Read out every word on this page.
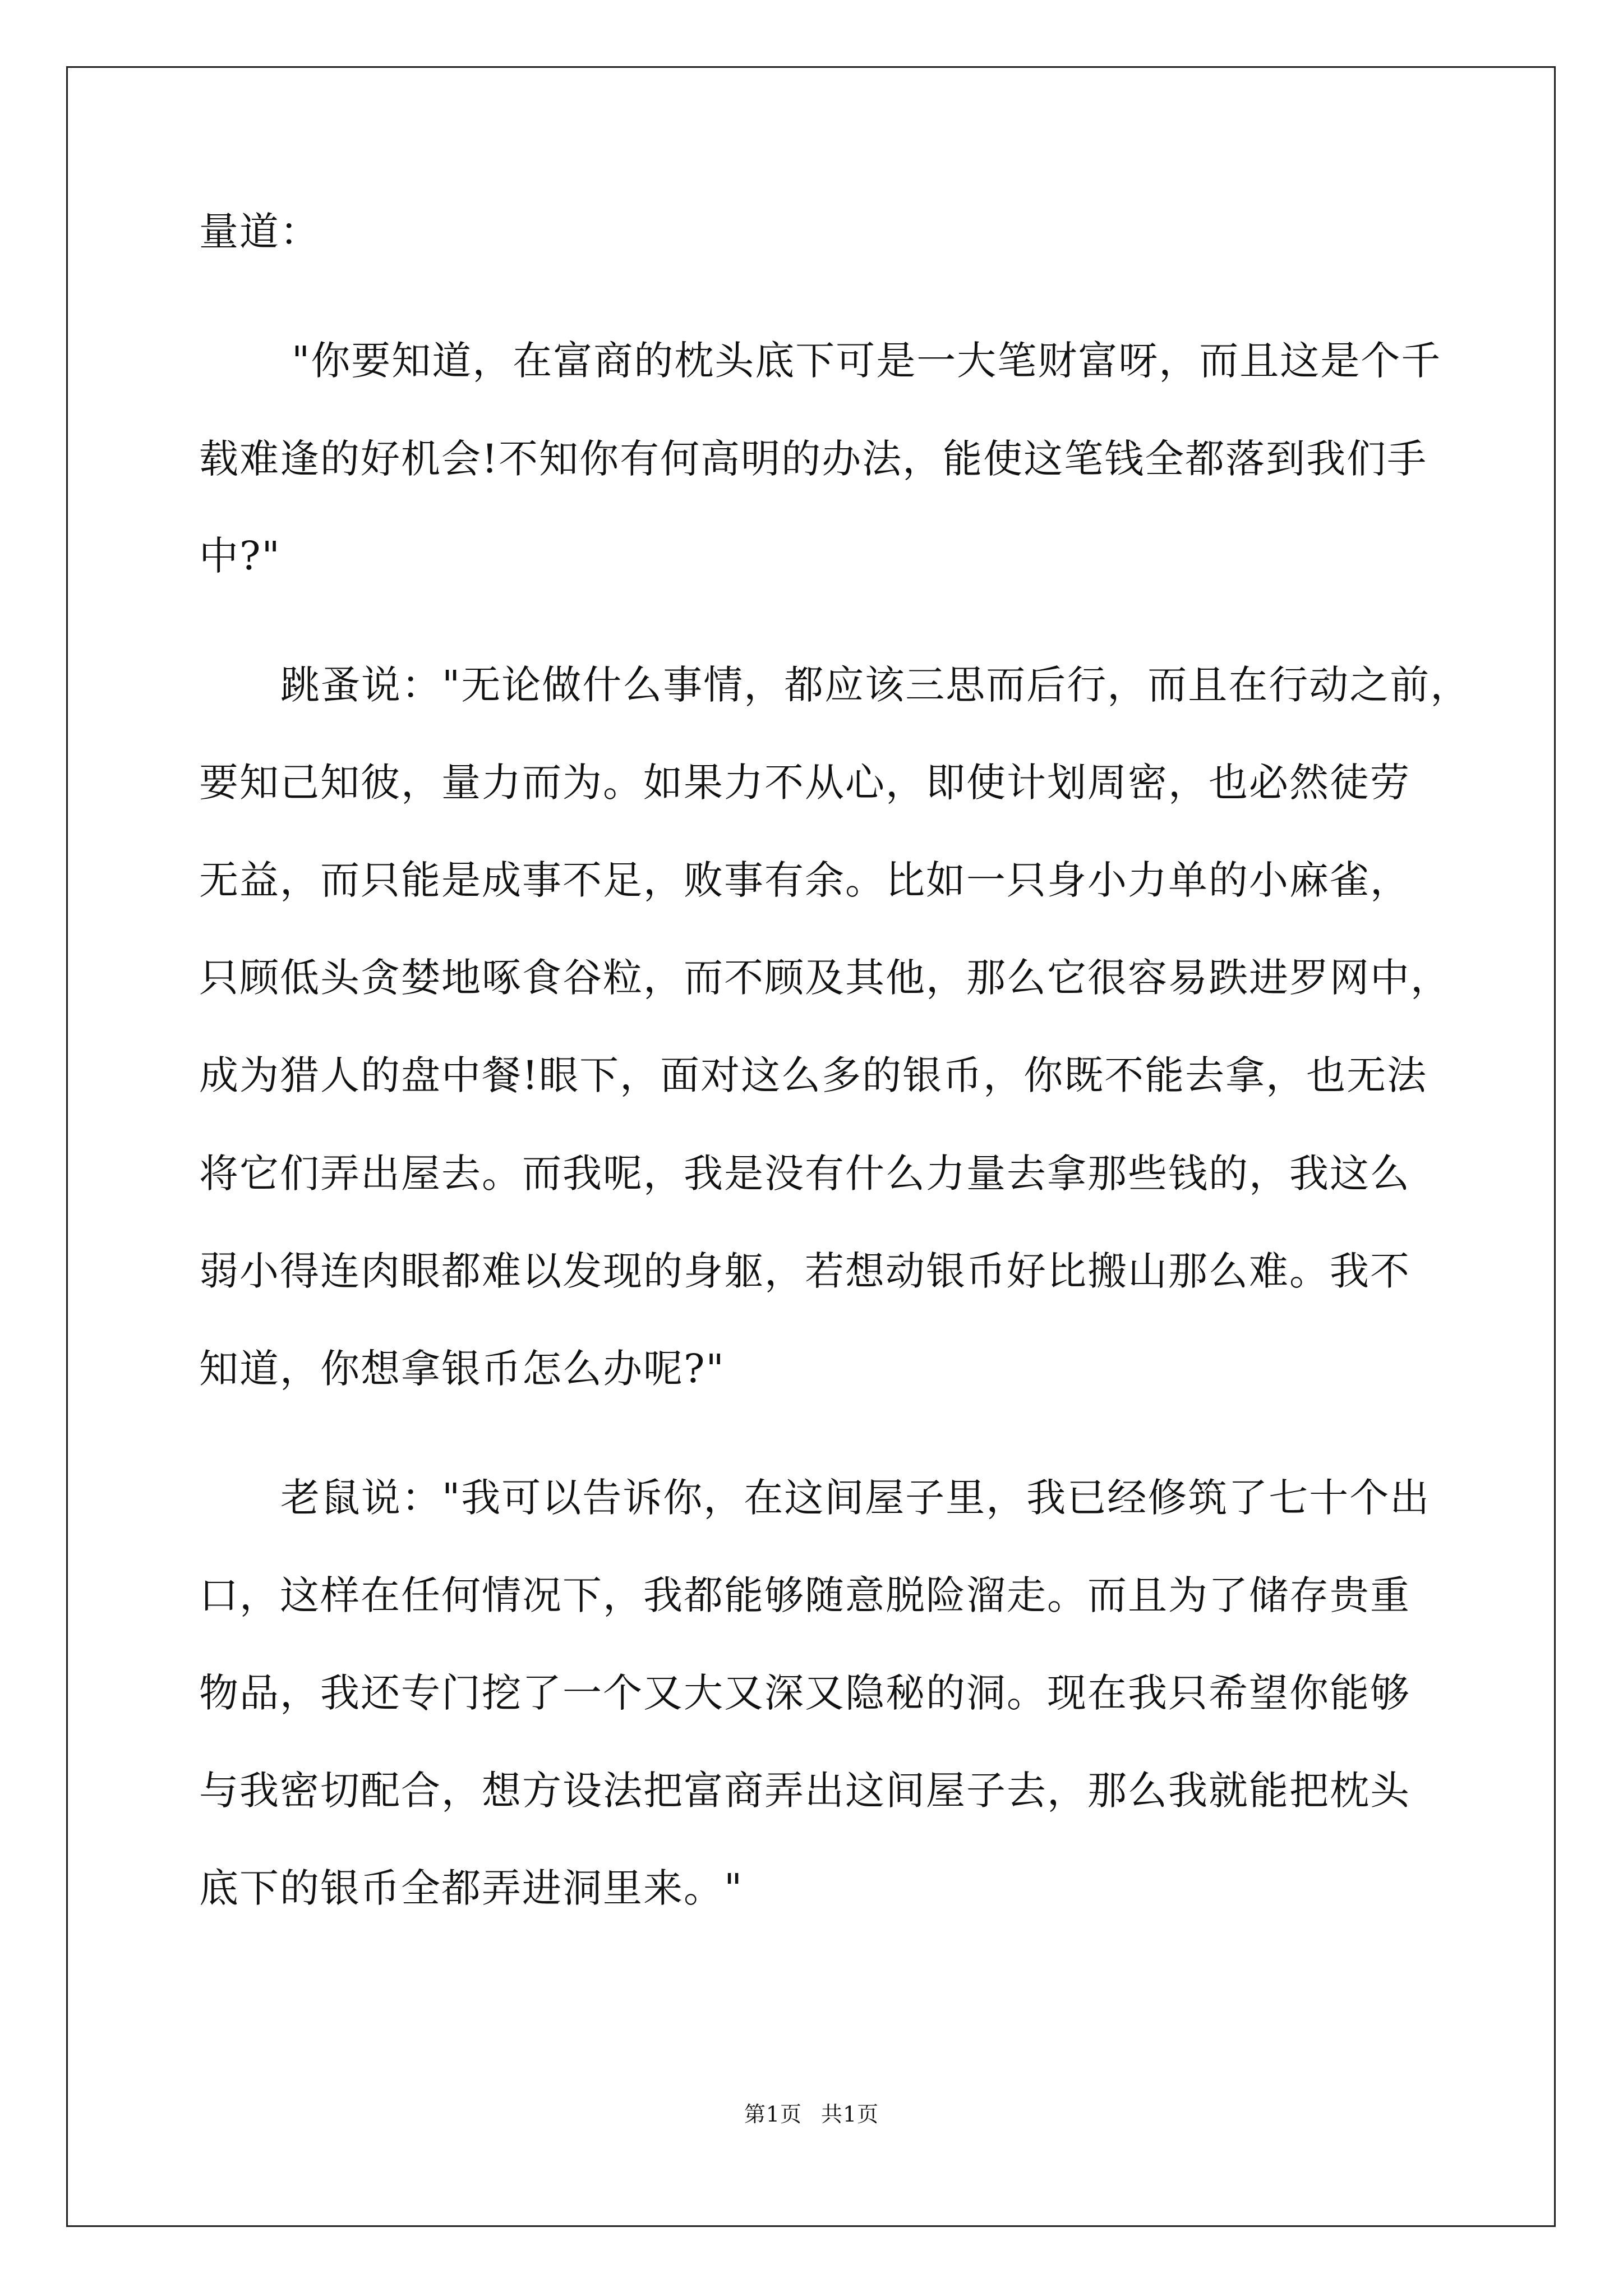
量道：
"你要知道，在富商的枕头底下可是一大笔财富呀，而且这是个千
载难逢的好机会!不知你有何高明的办法，能使这笔钱全都落到我们手
中?"
跳蚤说："无论做什么事情，都应该三思而后行，而且在行动之前，
要知己知彼，量力而为。如果力不从心，即使计划周密，也必然徒劳
无益，而只能是成事不足，败事有余。比如一只身小力单的小麻雀，
只顾低头贪婪地啄食谷粒，而不顾及其他，那么它很容易跌进罗网中，
成为猎人的盘中餐!眼下，面对这么多的银币，你既不能去拿，也无法
将它们弄出屋去。而我呢，我是没有什么力量去拿那些钱的，我这么
弱小得连肉眼都难以发现的身躯，若想动银币好比搬山那么难。我不
知道，你想拿银币怎么办呢?"
老鼠说："我可以告诉你，在这间屋子里，我已经修筑了七十个出
口，这样在任何情况下，我都能够随意脱险溜走。而且为了储存贵重
物品，我还专门挖了一个又大又深又隐秘的洞。现在我只希望你能够
与我密切配合，想方设法把富商弄出这间屋子去，那么我就能把枕头
底下的银币全都弄进洞里来。"
第1页 共1页
